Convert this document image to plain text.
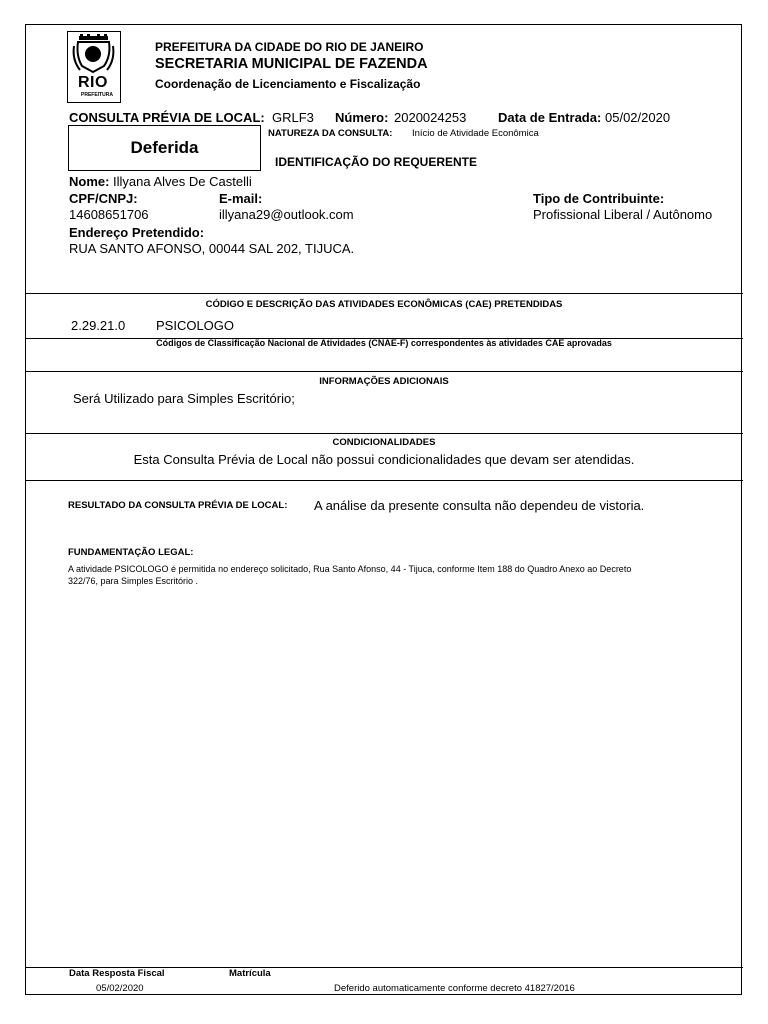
RIO
PREFEITURA
PREFEITURA DA CIDADE DO RIO DE JANEIRO
SECRETARIA MUNICIPAL DE FAZENDA
Coordenação de Licenciamento e Fiscalização
CONSULTA PRÉVIA DE LOCAL: GRLF3 Número: 2020024253 Data de Entrada: 05/02/2020
Deferida
NATUREZA DA CONSULTA: Início de Atividade Econômica
IDENTIFICAÇÃO DO REQUERENTE
Nome: Illyana Alves De Castelli
CPF/CNPJ:
14608651706
E-mail:
illyana29@outlook.com
Tipo de Contribuinte:
Profissional Liberal / Autônomo
Endereço Pretendido:
RUA SANTO AFONSO, 00044 SAL 202, TIJUCA.
CÓDIGO E DESCRIÇÃO DAS ATIVIDADES ECONÔMICAS (CAE) PRETENDIDAS
2.29.21.0 PSICOLOGO
Códigos de Classificação Nacional de Atividades (CNAE-F) correspondentes às atividades CAE aprovadas
INFORMAÇÕES ADICIONAIS
Será Utilizado para Simples Escritório;
CONDICIONALIDADES
Esta Consulta Prévia de Local não possui condicionalidades que devam ser atendidas.
RESULTADO DA CONSULTA PRÉVIA DE LOCAL: A análise da presente consulta não dependeu de vistoria.
FUNDAMENTAÇÃO LEGAL:
A atividade PSICOLOGO é permitida no endereço solicitado, Rua Santo Afonso, 44 - Tijuca, conforme Item 188 do Quadro Anexo ao Decreto
322/76, para Simples Escritório .
Data Resposta Fiscal	Matrícula
05/02/2020	Deferido automaticamente conforme decreto 41827/2016
